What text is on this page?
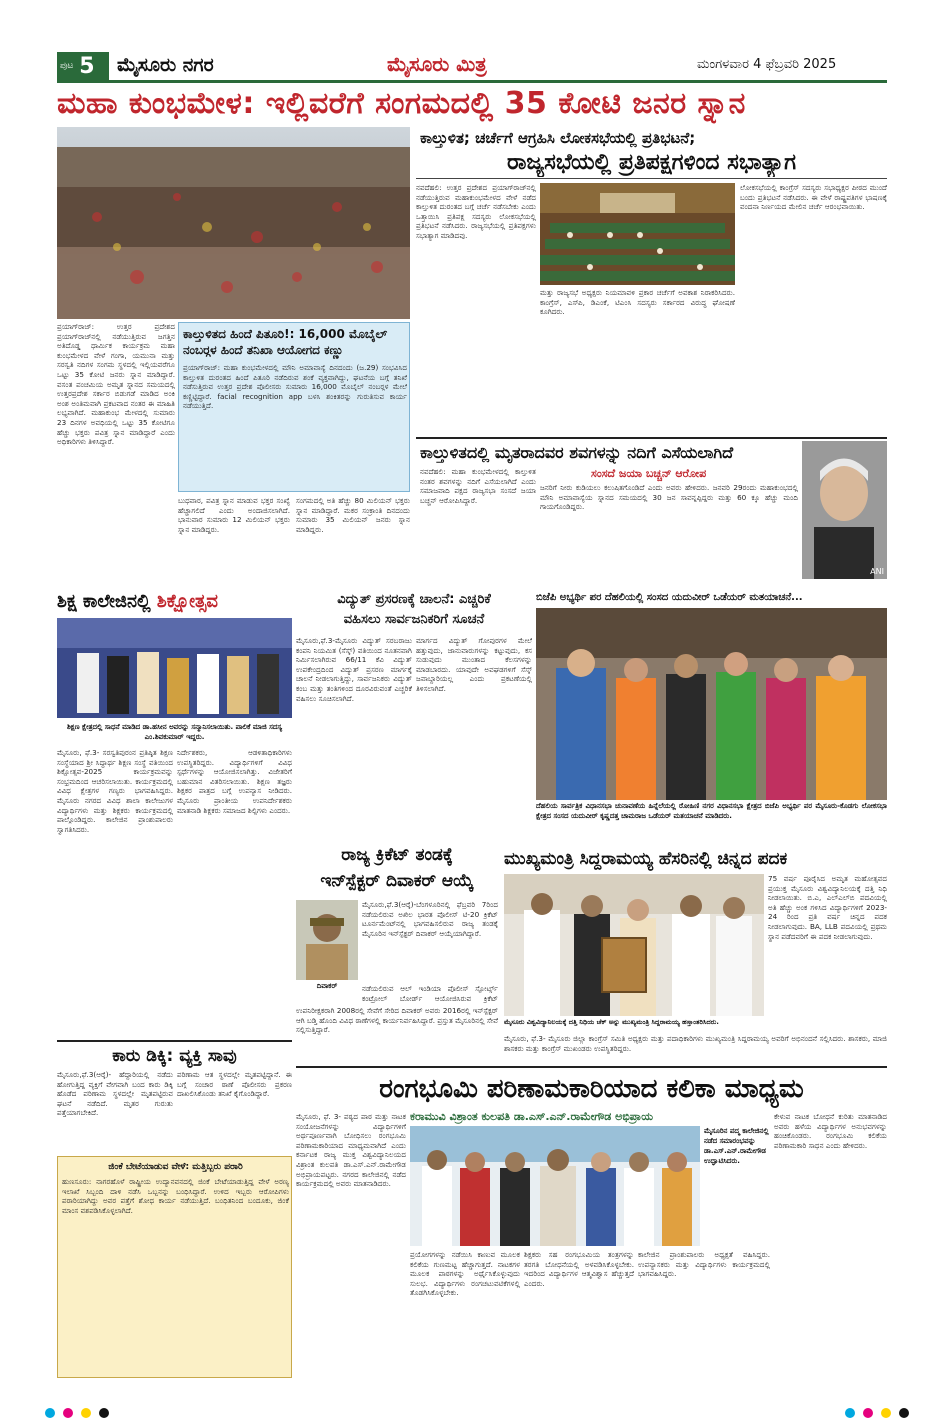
ಪುಟ 5 ಮೈಸೂರು ನಗರ	ಮೈಸೂರು ಮಿತ್ರ	ಮಂಗಳವಾರ 4 ಫೆಬ್ರವರಿ 2025
ಮಹಾ ಕುಂಭಮೇಳ: ಇಲ್ಲಿವರೆಗೆ ಸಂಗಮದಲ್ಲಿ 35 ಕೋಟಿ ಜನರ ಸ್ನಾನ
ಪ್ರಯಾಗ್‍ರಾಜ್: ಉತ್ತರ ಪ್ರದೇಶದ ಪ್ರಯಾಗ್‍ರಾಜ್‍ನಲ್ಲಿ ನಡೆಯುತ್ತಿರುವ ಜಗತ್ತಿನ ಅತಿದೊಡ್ಡ ಧಾರ್ಮಿಕ ಕಾರ್ಯಕ್ರಮ ಮಹಾ ಕುಂಭಮೇಳದ ವೇಳೆ ಗಂಗಾ, ಯಮುನಾ ಮತ್ತು ಸರಸ್ವತಿ ನದಿಗಳ ಸಂಗಮ ಸ್ಥಳದಲ್ಲಿ ಇಲ್ಲಿಯವರೆಗೂ ಒಟ್ಟು 35 ಕೋಟಿ ಜನರು ಸ್ನಾನ ಮಾಡಿದ್ದಾರೆ. ವಸಂತ ಪಂಚಮಿಯ ಅಮೃತ ಸ್ನಾನದ ಸಮಯದಲ್ಲಿ ಉತ್ತರಪ್ರದೇಶ ಸರ್ಕಾರ ಬಿಡುಗಡೆ ಮಾಡಿದ ಅಂಕಿ ಅಂಶ ಅಂತಿಮವಾಗಿ ಪ್ರಕಟವಾದ ನಂತರ ಈ ಮಾಹಿತಿ ಲಭ್ಯವಾಗಿದೆ. ಮಹಾಕುಂಭ ಮೇಳದಲ್ಲಿ ಸುಮಾರು 23 ದಿನಗಳ ಅವಧಿಯಲ್ಲಿ ಒಟ್ಟು 35 ಕೋಟಿಗೂ ಹೆಚ್ಚು ಭಕ್ತರು ಪವಿತ್ರ ಸ್ನಾನ ಮಾಡಿದ್ದಾರೆ ಎಂದು ಅಧಿಕಾರಿಗಳು ತಿಳಿಸಿದ್ದಾರೆ.
ಕಾಲ್ತುಳಿತದ ಹಿಂದೆ ಪಿತೂರಿ!: 16,000 ಮೊಬೈಲ್ ನಂಬರ್‍ಗಳ ಹಿಂದೆ ತನಿಖಾ ಆಯೋಗದ ಕಣ್ಣು
ಪ್ರಯಾಗ್‍ರಾಜ್: ಮಹಾ ಕುಂಭಮೇಳದಲ್ಲಿ ಮೌನಿ ಅಮಾವಾಸ್ಯೆ ದಿನದಂದು (ಜ.29) ಸಂಭವಿಸಿದ ಕಾಲ್ತುಳಿತ ದುರಂತದ ಹಿಂದೆ ಪಿತೂರಿ ನಡೆದಿರುವ ಶಂಕೆ ವ್ಯಕ್ತವಾಗಿದ್ದು, ಘಟನೆಯ ಬಗ್ಗೆ ತನಿಖೆ ನಡೆಸುತ್ತಿರುವ ಉತ್ತರ ಪ್ರದೇಶ ಪೊಲೀಸರು ಸುಮಾರು 16,000 ಮೊಬೈಲ್ ನಂಬರ್‍ಗಳ ಮೇಲೆ ಕಣ್ಣಿಟ್ಟಿದ್ದಾರೆ. facial recognition app ಬಳಸಿ ಶಂಕಿತರನ್ನು ಗುರುತಿಸುವ ಕಾರ್ಯ ನಡೆಯುತ್ತಿದೆ.
ಬುಧವಾರ, ಪವಿತ್ರ ಸ್ನಾನ ಮಾಡುವ ಭಕ್ತರ ಸಂಖ್ಯೆ ಹೆಚ್ಚಾಗಲಿದೆ ಎಂದು ಅಂದಾಜಿಸಲಾಗಿದೆ. ಭಾನುವಾರ ಸುಮಾರು 12 ಮಿಲಿಯನ್ ಭಕ್ತರು ಸ್ನಾನ ಮಾಡಿದ್ದರು.
ಸಂಗಮದಲ್ಲಿ ಅತಿ ಹೆಚ್ಚು 80 ಮಿಲಿಯನ್ ಭಕ್ತರು ಸ್ನಾನ ಮಾಡಿದ್ದಾರೆ. ಮಕರ ಸಂಕ್ರಾಂತಿ ದಿನದಂದು ಸುಮಾರು 35 ಮಿಲಿಯನ್ ಜನರು ಸ್ನಾನ ಮಾಡಿದ್ದರು.
ಕಾಲ್ತುಳಿತ; ಚರ್ಚೆಗೆ ಆಗ್ರಹಿಸಿ ಲೋಕಸಭೆಯಲ್ಲಿ ಪ್ರತಿಭಟನೆ;
ರಾಜ್ಯಸಭೆಯಲ್ಲಿ ಪ್ರತಿಪಕ್ಷಗಳಿಂದ ಸಭಾತ್ಯಾಗ
ನವದೆಹಲಿ: ಉತ್ತರ ಪ್ರದೇಶದ ಪ್ರಯಾಗ್‍ರಾಜ್‍ನಲ್ಲಿ ನಡೆಯುತ್ತಿರುವ ಮಹಾಕುಂಭಮೇಳದ ವೇಳೆ ನಡೆದ ಕಾಲ್ತುಳಿತ ದುರಂತದ ಬಗ್ಗೆ ಚರ್ಚೆ ನಡೆಸಬೇಕು ಎಂದು ಒತ್ತಾಯಿಸಿ ಪ್ರತಿಪಕ್ಷ ಸದಸ್ಯರು ಲೋಕಸಭೆಯಲ್ಲಿ ಪ್ರತಿಭಟನೆ ನಡೆಸಿದರು. ರಾಜ್ಯಸಭೆಯಲ್ಲಿ ಪ್ರತಿಪಕ್ಷಗಳು ಸಭಾತ್ಯಾಗ ಮಾಡಿದವು.
ಮತ್ತು ರಾಜ್ಯಸಭೆ ಅಧ್ಯಕ್ಷರು ನಿಯಮಾವಳಿ ಪ್ರಕಾರ ಚರ್ಚೆಗೆ ಅವಕಾಶ ನಿರಾಕರಿಸಿದರು. ಕಾಂಗ್ರೆಸ್, ಎಸ್‍ಪಿ, ಡಿಎಂಕೆ, ಟಿಎಂಸಿ ಸದಸ್ಯರು ಸರ್ಕಾರದ ವಿರುದ್ಧ ಘೋಷಣೆ ಕೂಗಿದರು.
ಲೋಕಸಭೆಯಲ್ಲಿ ಕಾಂಗ್ರೆಸ್ ಸದಸ್ಯರು ಸಭಾಧ್ಯಕ್ಷರ ಪೀಠದ ಮುಂದೆ ಬಂದು ಪ್ರತಿಭಟನೆ ನಡೆಸಿದರು. ಈ ವೇಳೆ ರಾಷ್ಟ್ರಪತಿಗಳ ಭಾಷಣಕ್ಕೆ ವಂದನಾ ನಿರ್ಣಯದ ಮೇಲಿನ ಚರ್ಚೆ ಆರಂಭವಾಯಿತು.
ಕಾಲ್ತುಳಿತದಲ್ಲಿ ಮೃತರಾದವರ ಶವಗಳನ್ನು ನದಿಗೆ ಎಸೆಯಲಾಗಿದೆ
ಸಂಸದೆ ಜಯಾ ಬಚ್ಚನ್ ಆರೋಪ
ನವದೆಹಲಿ: ಮಹಾ ಕುಂಭಮೇಳದಲ್ಲಿ ಕಾಲ್ತುಳಿತ ನಂತರ ಶವಗಳನ್ನು ನದಿಗೆ ಎಸೆಯಲಾಗಿದೆ ಎಂದು ಸಮಾಜವಾದಿ ಪಕ್ಷದ ರಾಜ್ಯಸಭಾ ಸಂಸದೆ ಜಯಾ ಬಚ್ಚನ್ ಆರೋಪಿಸಿದ್ದಾರೆ.
ಜನರಿಗೆ ನೀರು ಕುಡಿಯಲು ಕಲುಷಿತಗೊಂಡಿದೆ ಎಂದು ಅವರು ಹೇಳಿದರು. ಜನವರಿ 29ರಂದು ಮಹಾಕುಂಭದಲ್ಲಿ ಮೌನಿ ಅಮಾವಾಸ್ಯೆಯ ಸ್ನಾನದ ಸಮಯದಲ್ಲಿ 30 ಜನ ಸಾವನ್ನಪ್ಪಿದ್ದರು ಮತ್ತು 60 ಕ್ಕೂ ಹೆಚ್ಚು ಮಂದಿ ಗಾಯಗೊಂಡಿದ್ದರು.
ANI
ಶಿಕ್ಷ ಕಾಲೇಜಿನಲ್ಲಿ ಶಿಕ್ಷೋತ್ಸವ
ಶಿಕ್ಷಣ ಕ್ಷೇತ್ರದಲ್ಲಿ ಸಾಧನೆ ಮಾಡಿದ ಡಾ.ಹಸೀನ ಅವರನ್ನು ಸನ್ಮಾನಿಸಲಾಯಿತು. ಪಾಲಿಕೆ ಮಾಜಿ ಸದಸ್ಯ ಎಂ.ಶಿವಕುಮಾರ್ ಇದ್ದರು.
ಮೈಸೂರು, ಫೆ.3- ಸರಸ್ವತಿಪುರಂನ ಪ್ರತಿಷ್ಠಿತ ಶಿಕ್ಷಣ ಸಂಸ್ಥೆಯಾದ ಶ್ರೀ ಸಿದ್ಧಾರ್ಥ ಶಿಕ್ಷಣ ಸಂಸ್ಥೆ ವತಿಯಿಂದ ಶಿಕ್ಷೋತ್ಸವ-2025 ಕಾರ್ಯಕ್ರಮವನ್ನು ಸಂಭ್ರಮದಿಂದ ಆಚರಿಸಲಾಯಿತು. ಕಾರ್ಯಕ್ರಮದಲ್ಲಿ ವಿವಿಧ ಕ್ಷೇತ್ರಗಳ ಗಣ್ಯರು ಭಾಗವಹಿಸಿದ್ದರು. ಮೈಸೂರು ನಗರದ ವಿವಿಧ ಶಾಲಾ ಕಾಲೇಜುಗಳ ವಿದ್ಯಾರ್ಥಿಗಳು ಮತ್ತು ಶಿಕ್ಷಕರು ಕಾರ್ಯಕ್ರಮದಲ್ಲಿ ಪಾಲ್ಗೊಂಡಿದ್ದರು. ಕಾಲೇಜಿನ ಪ್ರಾಂಶುಪಾಲರು ಸ್ವಾಗತಿಸಿದರು.
ನಿರ್ದೇಶಕರು, ಆಡಳಿತಾಧಿಕಾರಿಗಳು ಉಪಸ್ಥಿತರಿದ್ದರು. ವಿದ್ಯಾರ್ಥಿಗಳಿಗೆ ವಿವಿಧ ಸ್ಪರ್ಧೆಗಳನ್ನು ಆಯೋಜಿಸಲಾಗಿತ್ತು. ವಿಜೇತರಿಗೆ ಬಹುಮಾನ ವಿತರಿಸಲಾಯಿತು. ಶಿಕ್ಷಣ ತಜ್ಞರು ಶಿಕ್ಷಕರ ಪಾತ್ರದ ಬಗ್ಗೆ ಉಪನ್ಯಾಸ ನೀಡಿದರು. ಮೈಸೂರು ಪ್ರಾಂತೀಯ ಉಪನಿರ್ದೇಶಕರು ಮಾತನಾಡಿ ಶಿಕ್ಷಕರು ಸಮಾಜದ ಶಿಲ್ಪಿಗಳು ಎಂದರು.
ವಿದ್ಯುತ್ ಪ್ರಸರಣಕ್ಕೆ ಚಾಲನೆ: ಎಚ್ಚರಿಕೆ
ವಹಿಸಲು ಸಾರ್ವಜನಿಕರಿಗೆ ಸೂಚನೆ
ಮೈಸೂರು,ಫೆ.3-ಮೈಸೂರು ವಿದ್ಯುತ್ ಸರಬರಾಜು ಕಂಪನಿ ನಿಯಮಿತ (ಸೆಸ್ಕ್) ವತಿಯಿಂದ ನೂತನವಾಗಿ ನಿರ್ಮಿಸಲಾಗಿರುವ 66/11 ಕೆವಿ ವಿದ್ಯುತ್ ಉಪಕೇಂದ್ರದಿಂದ ವಿದ್ಯುತ್ ಪ್ರಸರಣ ಮಾರ್ಗಕ್ಕೆ ಚಾಲನೆ ನೀಡಲಾಗುತ್ತಿದ್ದು, ಸಾರ್ವಜನಿಕರು ವಿದ್ಯುತ್ ಕಂಬ ಮತ್ತು ತಂತಿಗಳಿಂದ ದೂರವಿರುವಂತೆ ಎಚ್ಚರಿಕೆ ವಹಿಸಲು ಸೂಚಿಸಲಾಗಿದೆ.
ಮಾರ್ಗದ ವಿದ್ಯುತ್ ಗೋಪುರಗಳ ಮೇಲೆ ಹತ್ತುವುದು, ಜಾನುವಾರುಗಳನ್ನು ಕಟ್ಟುವುದು, ಕಸ ಸುಡುವುದು ಮುಂತಾದ ಕೆಲಸಗಳನ್ನು ಮಾಡಬಾರದು. ಯಾವುದೇ ಅವಘಡಗಳಿಗೆ ಸೆಸ್ಕ್ ಜವಾಬ್ದಾರಿಯಲ್ಲ ಎಂದು ಪ್ರಕಟಣೆಯಲ್ಲಿ ತಿಳಿಸಲಾಗಿದೆ.
ಬಿಜೆಪಿ ಅಭ್ಯರ್ಥಿ ಪರ ದೆಹಲಿಯಲ್ಲಿ ಸಂಸದ ಯದುವೀರ್ ಒಡೆಯರ್ ಮತಯಾಚನೆ...
ದೆಹಲಿಯ ಸಾರ್ವತ್ರಿಕ ವಿಧಾನಸಭಾ ಚುನಾವಣೆಯ ಹಿನ್ನೆಲೆಯಲ್ಲಿ ರೋಹಿಣಿ ನಗರ ವಿಧಾನಸಭಾ ಕ್ಷೇತ್ರದ ಬಿಜೆಪಿ ಅಭ್ಯರ್ಥಿ ಪರ ಮೈಸೂರು-ಕೊಡಗು ಲೋಕಸಭಾ ಕ್ಷೇತ್ರದ ಸಂಸದ ಯದುವೀರ್ ಕೃಷ್ಣದತ್ತ ಚಾಮರಾಜ ಒಡೆಯರ್ ಮತಯಾಚನೆ ಮಾಡಿದರು.
ರಾಜ್ಯ ಕ್ರಿಕೆಟ್ ತಂಡಕ್ಕೆ
ಇನ್‍ಸ್ಪೆಕ್ಟರ್ ದಿವಾಕರ್ ಆಯ್ಕೆ
ದಿವಾಕರ್
ಮೈಸೂರು,ಫೆ.3(ಆರ್‍ಕೆ)-ಬೆಂಗಳೂರಿನಲ್ಲಿ ಫೆಬ್ರವರಿ 7ರಿಂದ ನಡೆಯಲಿರುವ ಅಖಿಲ ಭಾರತ ಪೊಲೀಸ್ ಟಿ-20 ಕ್ರಿಕೆಟ್ ಟೂರ್ನಮೆಂಟ್‍ನಲ್ಲಿ ಭಾಗವಹಿಸಲಿರುವ ರಾಜ್ಯ ತಂಡಕ್ಕೆ ಮೈಸೂರಿನ ಇನ್‍ಸ್ಪೆಕ್ಟರ್ ದಿವಾಕರ್ ಆಯ್ಕೆಯಾಗಿದ್ದಾರೆ.
ನಡೆಯಲಿರುವ ಆಲ್ ಇಂಡಿಯಾ ಪೊಲೀಸ್ ಸ್ಪೋರ್ಟ್ಸ್ ಕಂಟ್ರೋಲ್ ಬೋರ್ಡ್ ಆಯೋಜಿಸಿರುವ ಕ್ರಿಕೆಟ್
ಉಪನಿರೀಕ್ಷಕರಾಗಿ 2008ರಲ್ಲಿ ಸೇವೆಗೆ ಸೇರಿದ ದಿವಾಕರ್ ಅವರು 2016ರಲ್ಲಿ ಇನ್‍ಸ್ಪೆಕ್ಟರ್ ಆಗಿ ಬಡ್ತಿ ಹೊಂದಿ ವಿವಿಧ ಠಾಣೆಗಳಲ್ಲಿ ಕಾರ್ಯನಿರ್ವಹಿಸಿದ್ದಾರೆ. ಪ್ರಸ್ತುತ ಮೈಸೂರಿನಲ್ಲಿ ಸೇವೆ ಸಲ್ಲಿಸುತ್ತಿದ್ದಾರೆ.
ಮುಖ್ಯಮಂತ್ರಿ ಸಿದ್ದರಾಮಯ್ಯ ಹೆಸರಿನಲ್ಲಿ ಚಿನ್ನದ ಪದಕ
ಮೈಸೂರು ವಿಶ್ವವಿದ್ಯಾನಿಲಯಕ್ಕೆ ದತ್ತಿ ನಿಧಿಯ ಚೆಕ್ ಅನ್ನು ಮುಖ್ಯಮಂತ್ರಿ ಸಿದ್ದರಾಮಯ್ಯ ಹಸ್ತಾಂತರಿಸಿದರು.
75 ವರ್ಷ ಪೂರೈಸಿದ ಅಮೃತ ಮಹೋತ್ಸವದ ಪ್ರಯುಕ್ತ ಮೈಸೂರು ವಿಶ್ವವಿದ್ಯಾನಿಲಯಕ್ಕೆ ದತ್ತಿ ನಿಧಿ ನೀಡಲಾಯಿತು. ಬಿ.ಎ, ಎಲ್‍ಎಲ್‍ಬಿ ಪದವಿಯಲ್ಲಿ ಅತಿ ಹೆಚ್ಚು ಅಂಕ ಗಳಿಸಿದ ವಿದ್ಯಾರ್ಥಿಗಳಿಗೆ 2023-24 ರಿಂದ ಪ್ರತಿ ವರ್ಷ ಚಿನ್ನದ ಪದಕ ನೀಡಲಾಗುವುದು. BA, LLB ಪದವಿಯಲ್ಲಿ ಪ್ರಥಮ ಸ್ಥಾನ ಪಡೆದವರಿಗೆ ಈ ಪದಕ ನೀಡಲಾಗುವುದು.
ಮೈಸೂರು, ಫೆ.3- ಮೈಸೂರು ಜಿಲ್ಲಾ ಕಾಂಗ್ರೆಸ್ ಸಮಿತಿ ಅಧ್ಯಕ್ಷರು ಮತ್ತು ಪದಾಧಿಕಾರಿಗಳು ಮುಖ್ಯಮಂತ್ರಿ ಸಿದ್ದರಾಮಯ್ಯ ಅವರಿಗೆ ಅಭಿನಂದನೆ ಸಲ್ಲಿಸಿದರು. ಶಾಸಕರು, ಮಾಜಿ ಶಾಸಕರು ಮತ್ತು ಕಾಂಗ್ರೆಸ್ ಮುಖಂಡರು ಉಪಸ್ಥಿತರಿದ್ದರು.
ಕಾರು ಡಿಕ್ಕಿ: ವ್ಯಕ್ತಿ ಸಾವು
ಮೈಸೂರು,ಫೆ.3(ಆರ್‍ಕೆ)- ಹೆದ್ದಾರಿಯಲ್ಲಿ ನಡೆದು ಹೋಗುತ್ತಿದ್ದ ವ್ಯಕ್ತಿಗೆ ವೇಗವಾಗಿ ಬಂದ ಕಾರು ಡಿಕ್ಕಿ ಹೊಡೆದ ಪರಿಣಾಮ ಸ್ಥಳದಲ್ಲೇ ಮೃತಪಟ್ಟಿರುವ ಘಟನೆ ನಡೆದಿದೆ. ಮೃತರ ಗುರುತು ಪತ್ತೆಯಾಗಬೇಕಿದೆ.
ಪರಿಣಾಮ ಆತ ಸ್ಥಳದಲ್ಲೇ ಮೃತಪಟ್ಟಿದ್ದಾನೆ. ಈ ಬಗ್ಗೆ ಸಂಚಾರ ಠಾಣೆ ಪೊಲೀಸರು ಪ್ರಕರಣ ದಾಖಲಿಸಿಕೊಂಡು ತನಿಖೆ ಕೈಗೊಂಡಿದ್ದಾರೆ.
ಜಿಂಕೆ ಬೇಟೆಯಾಡುವ ವೇಳೆ: ಮತ್ತಿಬ್ಬರು ಪರಾರಿ
ಹುಣಸೂರು: ನಾಗರಹೊಳೆ ರಾಷ್ಟ್ರೀಯ ಉದ್ಯಾನವನದಲ್ಲಿ ಜಿಂಕೆ ಬೇಟೆಯಾಡುತ್ತಿದ್ದ ವೇಳೆ ಅರಣ್ಯ ಇಲಾಖೆ ಸಿಬ್ಬಂದಿ ದಾಳಿ ನಡೆಸಿ ಒಬ್ಬನನ್ನು ಬಂಧಿಸಿದ್ದಾರೆ. ಉಳಿದ ಇಬ್ಬರು ಆರೋಪಿಗಳು ಪರಾರಿಯಾಗಿದ್ದು ಅವರ ಪತ್ತೆಗೆ ಶೋಧ ಕಾರ್ಯ ನಡೆಯುತ್ತಿದೆ. ಬಂಧಿತನಿಂದ ಬಂದೂಕು, ಜಿಂಕೆ ಮಾಂಸ ವಶಪಡಿಸಿಕೊಳ್ಳಲಾಗಿದೆ.
ರಂಗಭೂಮಿ ಪರಿಣಾಮಕಾರಿಯಾದ ಕಲಿಕಾ ಮಾಧ್ಯಮ
ಕರಾಮುವಿ ವಿಶ್ರಾಂತ ಕುಲಪತಿ ಡಾ.ಎಸ್.ಎನ್.ರಾಮೇಗೌಡ ಅಭಿಪ್ರಾಯ
ಮೈಸೂರು, ಫೆ. 3- ಪಠ್ಯದ ಪಾಠ ಮತ್ತು ನಾಟಕ ಸಂಯೋಜನೆಗಳನ್ನು ವಿದ್ಯಾರ್ಥಿಗಳಿಗೆ ಅರ್ಥಪೂರ್ಣವಾಗಿ ಬೋಧಿಸಲು ರಂಗಭೂಮಿ ಪರಿಣಾಮಕಾರಿಯಾದ ಮಾಧ್ಯಮವಾಗಿದೆ ಎಂದು ಕರ್ನಾಟಕ ರಾಜ್ಯ ಮುಕ್ತ ವಿಶ್ವವಿದ್ಯಾನಿಲಯದ ವಿಶ್ರಾಂತ ಕುಲಪತಿ ಡಾ.ಎಸ್.ಎನ್.ರಾಮೇಗೌಡ ಅಭಿಪ್ರಾಯಪಟ್ಟರು. ನಗರದ ಕಾಲೇಜಿನಲ್ಲಿ ನಡೆದ ಕಾರ್ಯಕ್ರಮದಲ್ಲಿ ಅವರು ಮಾತನಾಡಿದರು.
ಮೈಸೂರಿನ ಪದ್ಮ ಕಾಲೇಜಿನಲ್ಲಿ ನಡೆದ ಸಮಾರಂಭವನ್ನು ಡಾ.ಎಸ್.ಎನ್.ರಾಮೇಗೌಡ ಉದ್ಘಾಟಿಸಿದರು.
ಪ್ರಯೋಗಗಳನ್ನು ನಡೆಯಿಸಿ ಕಾಣುವ ಮೂಲಕ ಕಲಿಕೆಯ ಗುಣಮಟ್ಟ ಹೆಚ್ಚಾಗುತ್ತದೆ. ನಾಟಕಗಳ ಮೂಲಕ ಪಾಠಗಳನ್ನು ಅರ್ಥೈಸಿಕೊಳ್ಳುವುದು ಸುಲಭ. ವಿದ್ಯಾರ್ಥಿಗಳು ರಂಗಚಟುವಟಿಕೆಗಳಲ್ಲಿ ತೊಡಗಿಸಿಕೊಳ್ಳಬೇಕು.
ಶಿಕ್ಷಕರು ಸಹ ರಂಗಭೂಮಿಯ ತಂತ್ರಗಳನ್ನು ತರಗತಿ ಬೋಧನೆಯಲ್ಲಿ ಅಳವಡಿಸಿಕೊಳ್ಳಬೇಕು. ಇದರಿಂದ ವಿದ್ಯಾರ್ಥಿಗಳ ಆತ್ಮವಿಶ್ವಾಸ ಹೆಚ್ಚುತ್ತದೆ ಎಂದರು.
ಕಾಲೇಜಿನ ಪ್ರಾಂಶುಪಾಲರು ಅಧ್ಯಕ್ಷತೆ ವಹಿಸಿದ್ದರು. ಉಪನ್ಯಾಸಕರು ಮತ್ತು ವಿದ್ಯಾರ್ಥಿಗಳು ಕಾರ್ಯಕ್ರಮದಲ್ಲಿ ಭಾಗವಹಿಸಿದ್ದರು.
ಕೇಳುವ ನಾಟಕ ಬೋಧನೆ ಕುರಿತು ಮಾತನಾಡಿದ ಅವರು ಹಳೆಯ ವಿದ್ಯಾರ್ಥಿಗಳ ಅನುಭವಗಳನ್ನು ಹಂಚಿಕೊಂಡರು. ರಂಗಭೂಮಿ ಕಲಿಕೆಯ ಪರಿಣಾಮಕಾರಿ ಸಾಧನ ಎಂದು ಹೇಳಿದರು.
